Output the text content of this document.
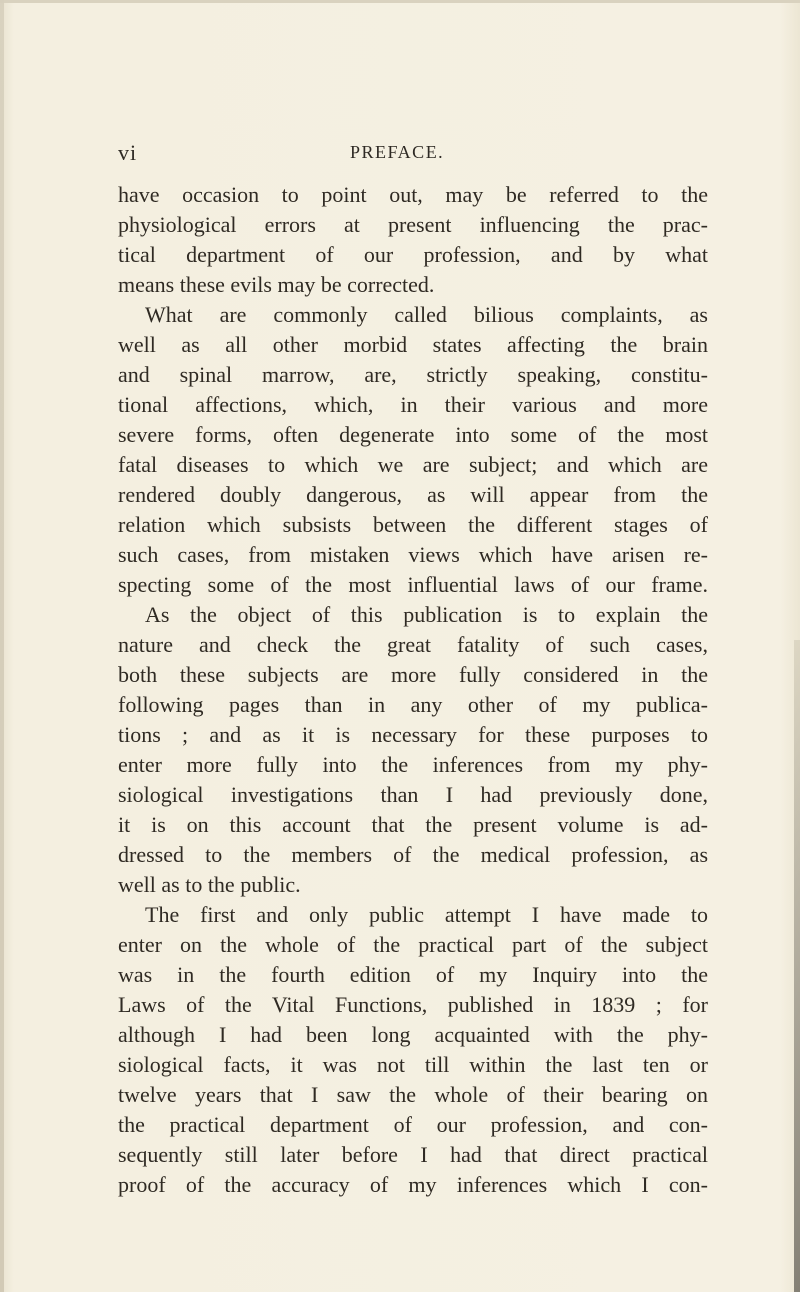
vi	PREFACE.
have occasion to point out, may be referred to the
physiological errors at present influencing the prac-
tical department of our profession, and by what
means these evils may be corrected.
What are commonly called bilious complaints, as
well as all other morbid states affecting the brain
and spinal marrow, are, strictly speaking, constitu-
tional affections, which, in their various and more
severe forms, often degenerate into some of the most
fatal diseases to which we are subject; and which are
rendered doubly dangerous, as will appear from the
relation which subsists between the different stages of
such cases, from mistaken views which have arisen re-
specting some of the most influential laws of our frame.
As the object of this publication is to explain the
nature and check the great fatality of such cases,
both these subjects are more fully considered in the
following pages than in any other of my publica-
tions ; and as it is necessary for these purposes to
enter more fully into the inferences from my phy-
siological investigations than I had previously done,
it is on this account that the present volume is ad-
dressed to the members of the medical profession, as
well as to the public.
The first and only public attempt I have made to
enter on the whole of the practical part of the subject
was in the fourth edition of my Inquiry into the
Laws of the Vital Functions, published in 1839 ; for
although I had been long acquainted with the phy-
siological facts, it was not till within the last ten or
twelve years that I saw the whole of their bearing on
the practical department of our profession, and con-
sequently still later before I had that direct practical
proof of the accuracy of my inferences which I con-
